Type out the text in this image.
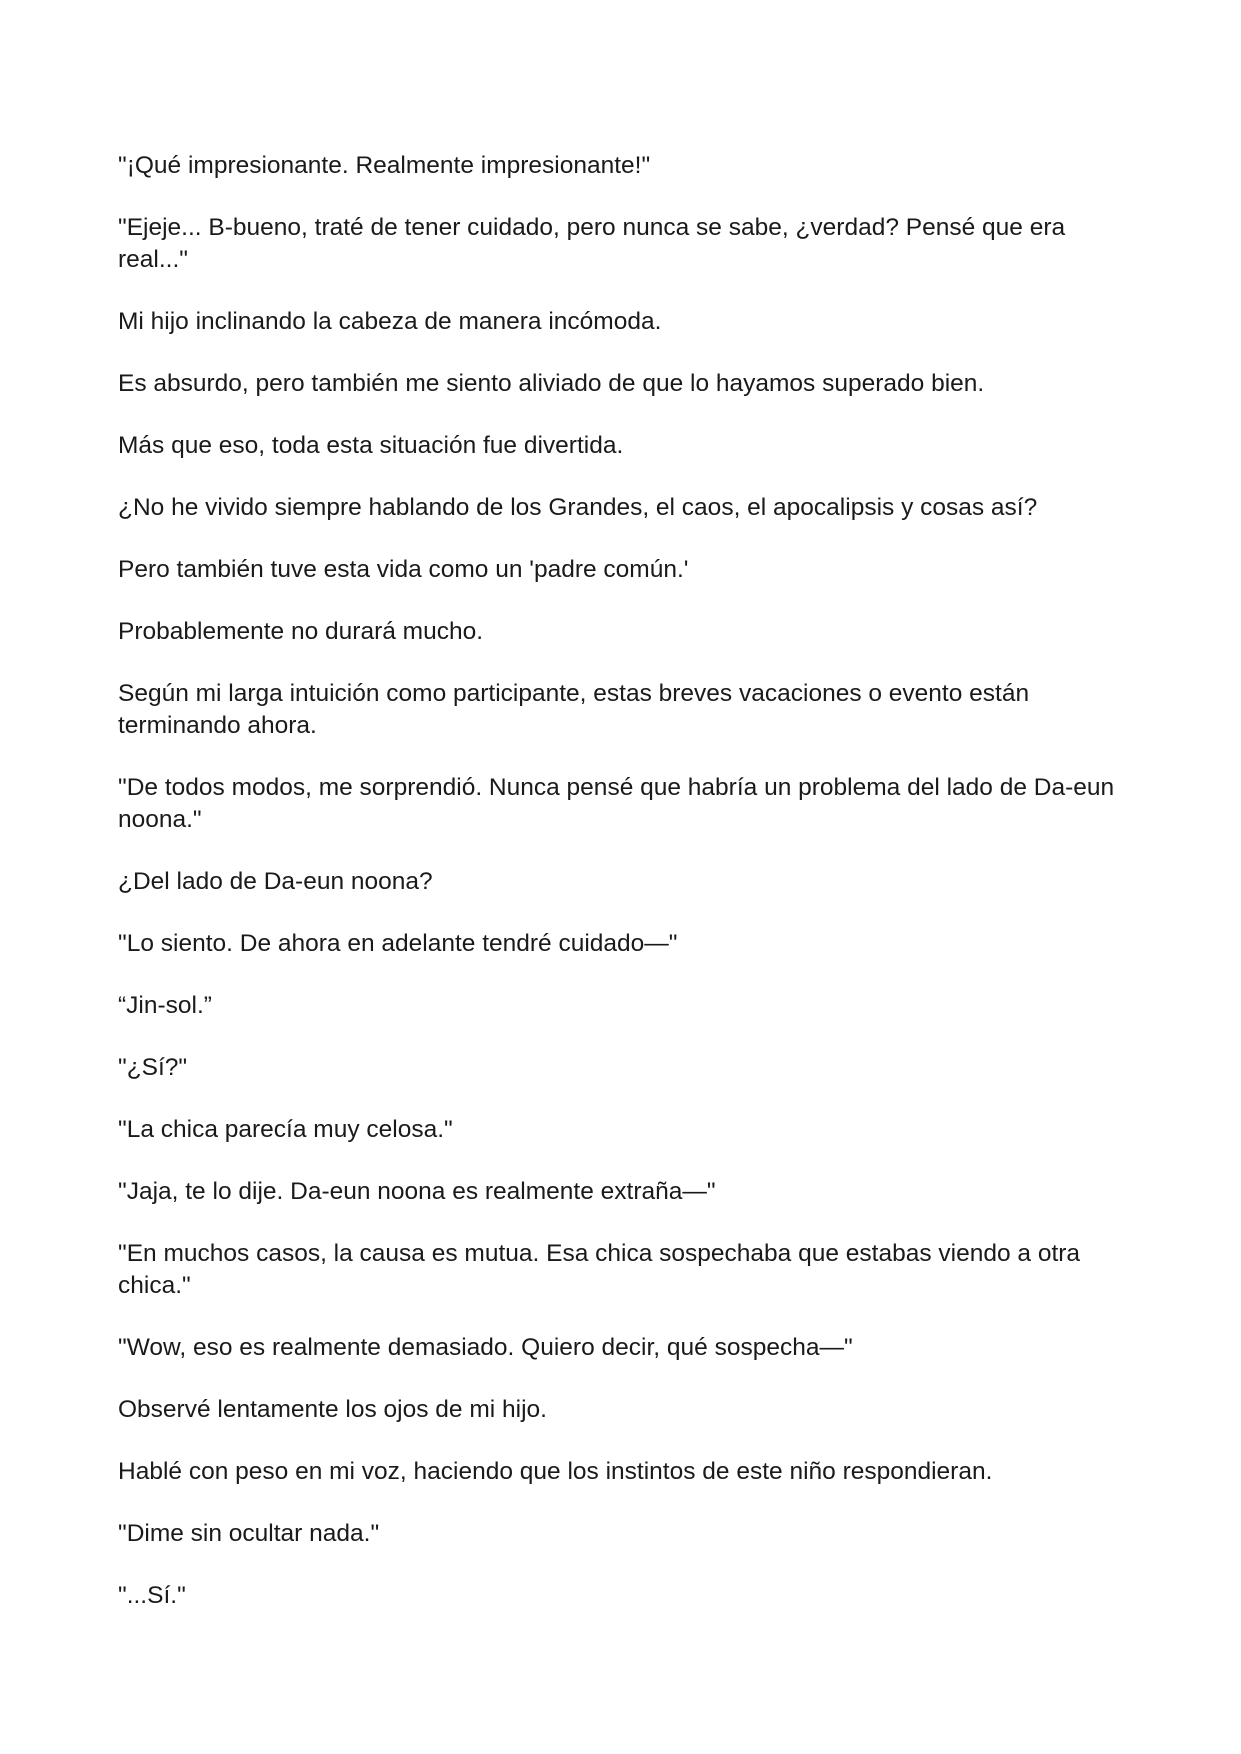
"¡Qué impresionante. Realmente impresionante!"

"Ejeje... B-bueno, traté de tener cuidado, pero nunca se sabe, ¿verdad? Pensé que era real..."

Mi hijo inclinando la cabeza de manera incómoda.

Es absurdo, pero también me siento aliviado de que lo hayamos superado bien.

Más que eso, toda esta situación fue divertida.

¿No he vivido siempre hablando de los Grandes, el caos, el apocalipsis y cosas así?

Pero también tuve esta vida como un 'padre común.'

Probablemente no durará mucho.

Según mi larga intuición como participante, estas breves vacaciones o evento están terminando ahora.

"De todos modos, me sorprendió. Nunca pensé que habría un problema del lado de Da-eun noona."

¿Del lado de Da-eun noona?

"Lo siento. De ahora en adelante tendré cuidado—"

“Jin-sol.”

"¿Sí?"

"La chica parecía muy celosa."

"Jaja, te lo dije. Da-eun noona es realmente extraña—"

"En muchos casos, la causa es mutua. Esa chica sospechaba que estabas viendo a otra chica."

"Wow, eso es realmente demasiado. Quiero decir, qué sospecha—"

Observé lentamente los ojos de mi hijo.

Hablé con peso en mi voz, haciendo que los instintos de este niño respondieran.

"Dime sin ocultar nada."

"...Sí."
